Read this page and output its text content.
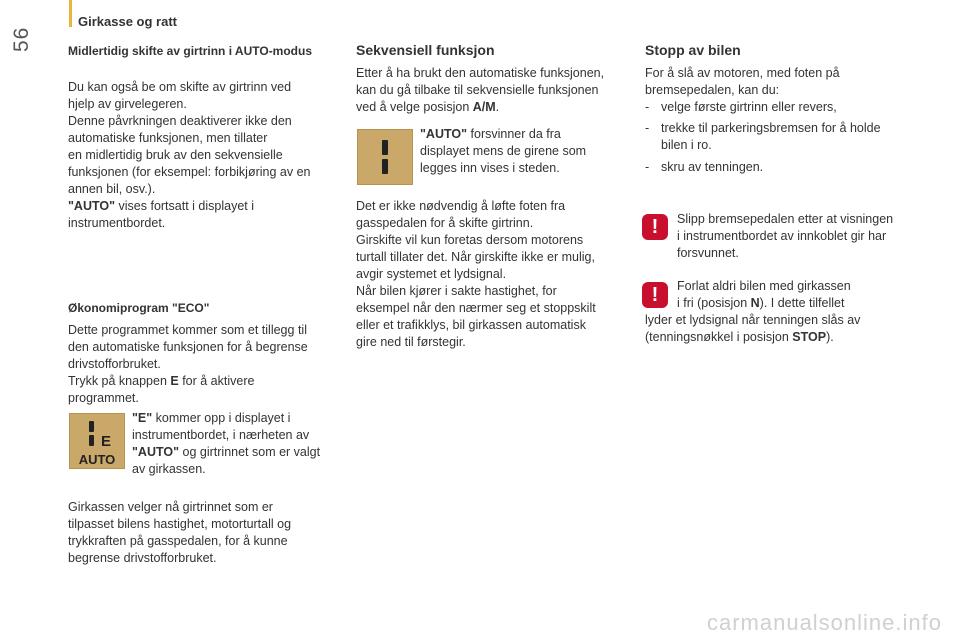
56
Girkasse og ratt

Midlertidig skifte av girtrinn i AUTO-modus

Du kan også be om skifte av girtrinn ved

hjelp av girvelegeren.

Denne påvrkningen deaktiverer ikke den

automatiske funksjonen, men tillater

en midlertidig bruk av den sekvensielle

funksjonen (for eksempel: forbikjøring av en

annen bil, osv.).

"AUTO" vises fortsatt i displayet i

instrumentbordet.

Økonomiprogram "ECO"

Dette programmet kommer som et tillegg til

den automatiske funksjonen for å begrense

drivstofforbruket.

Trykk på knappen E for å aktivere

programmet.

E
AUTO

"E" kommer opp i displayet i

instrumentbordet, i nærheten av

"AUTO" og girtrinnet som er valgt

av girkassen.

Girkassen velger nå girtrinnet som er

tilpasset bilens hastighet, motorturtall og

trykkraften på gasspedalen, for å kunne

begrense drivstofforbruket.

Sekvensiell funksjon

Etter å ha brukt den automatiske funksjonen,

kan du gå tilbake til sekvensielle funksjonen

ved å velge posisjon A/M.

"AUTO" forsvinner da fra

displayet mens de girene som

legges inn vises i steden.

Det er ikke nødvendig å løfte foten fra

gasspedalen for å skifte girtrinn.

Girskifte vil kun foretas dersom motorens

turtall tillater det. Når girskifte ikke er mulig,

avgir systemet et lydsignal.

Når bilen kjører i sakte hastighet, for

eksempel når den nærmer seg et stoppskilt

eller et trafikklys, bil girkassen automatisk

gire ned til førstegir.

Stopp av bilen

For å slå av motoren, med foten på

bremsepedalen, kan du:

- velge første girtrinn eller revers,

- trekke til parkeringsbremsen for å holde

bilen i ro.

- skru av tenningen.

!	Slipp bremsepedalen etter at visningen

i instrumentbordet av innkoblet gir har

forsvunnet.

!	Forlat aldri bilen med girkassen

i fri (posisjon N). I dette tilfellet

lyder et lydsignal når tenningen slås av

(tenningsnøkkel i posisjon STOP).

carmanualsonline.info
